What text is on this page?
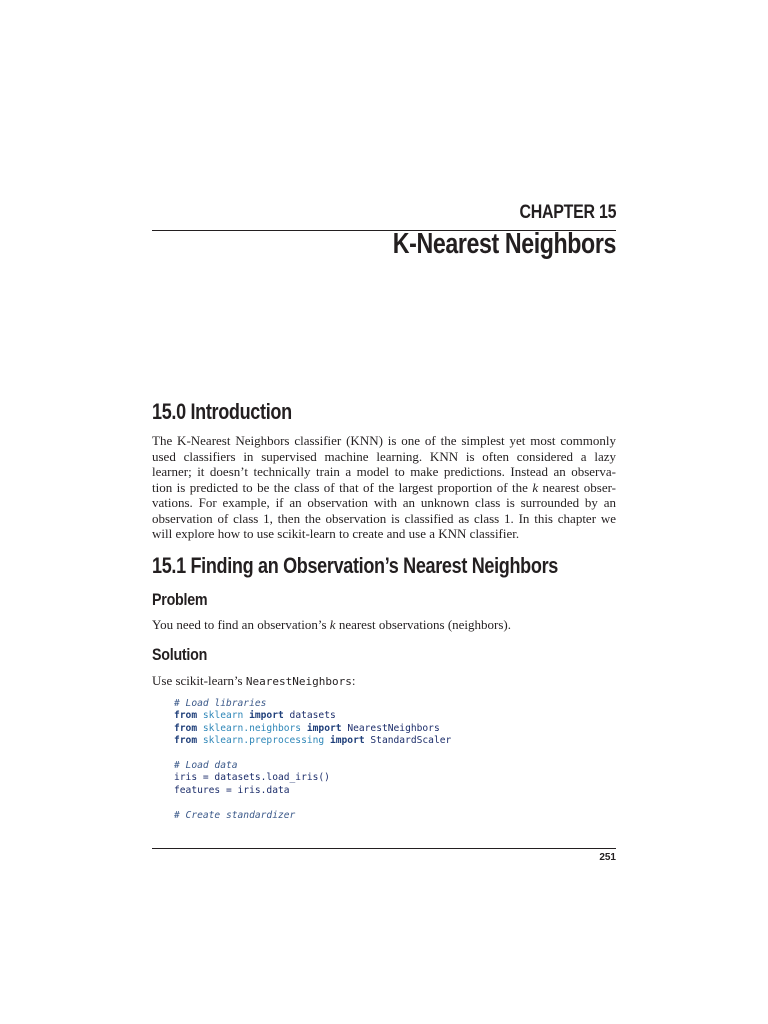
CHAPTER 15
K-Nearest Neighbors
15.0 Introduction
The K-Nearest Neighbors classifier (KNN) is one of the simplest yet most commonly
used classifiers in supervised machine learning. KNN is often considered a lazy
learner; it doesn’t technically train a model to make predictions. Instead an observa-
tion is predicted to be the class of that of the largest proportion of the k nearest obser-
vations. For example, if an observation with an unknown class is surrounded by an
observation of class 1, then the observation is classified as class 1. In this chapter we
will explore how to use scikit-learn to create and use a KNN classifier.
15.1 Finding an Observation’s Nearest Neighbors
Problem
You need to find an observation’s k nearest observations (neighbors).
Solution
Use scikit-learn’s NearestNeighbors:
# Load libraries
from sklearn import datasets
from sklearn.neighbors import NearestNeighbors
from sklearn.preprocessing import StandardScaler
# Load data
iris = datasets.load_iris()
features = iris.data
# Create standardizer
251
